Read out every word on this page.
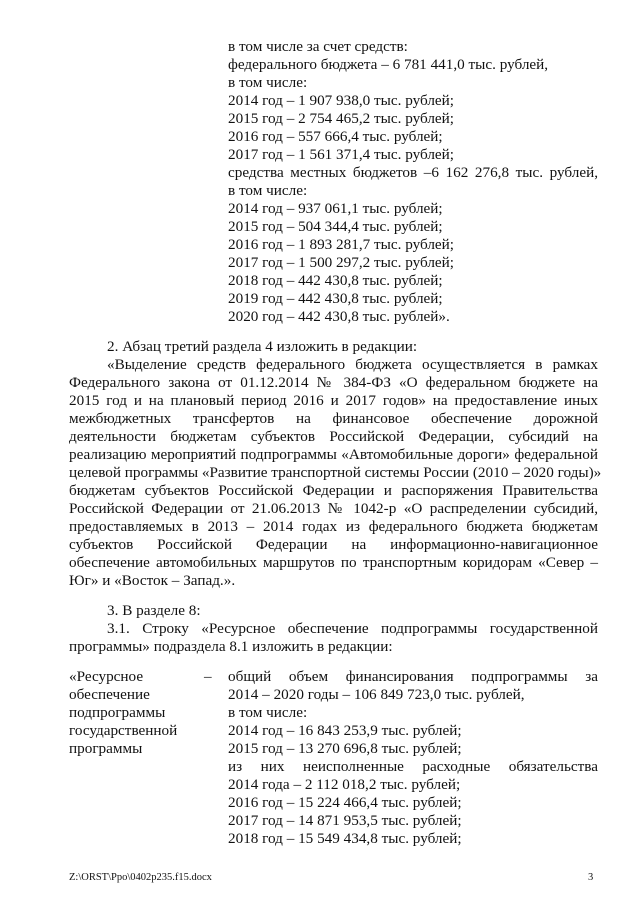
в том числе за счет средств:
федерального бюджета – 6 781 441,0 тыс. рублей,
в том числе:
2014 год – 1 907 938,0 тыс. рублей;
2015 год – 2 754 465,2 тыс. рублей;
2016 год – 557 666,4 тыс. рублей;
2017 год – 1 561 371,4 тыс. рублей;
средства местных бюджетов –6 162 276,8 тыс. рублей,
в том числе:
2014 год – 937 061,1 тыс. рублей;
2015 год – 504 344,4 тыс. рублей;
2016 год – 1 893 281,7 тыс. рублей;
2017 год – 1 500 297,2 тыс. рублей;
2018 год – 442 430,8 тыс. рублей;
2019 год – 442 430,8 тыс. рублей;
2020 год – 442 430,8 тыс. рублей».
2. Абзац третий раздела 4 изложить в редакции:
«Выделение средств федерального бюджета осуществляется в рамках
Федерального закона от 01.12.2014 № 384-ФЗ «О федеральном бюджете на
2015 год и на плановый период 2016 и 2017 годов» на предоставление иных
межбюджетных трансфертов на финансовое обеспечение дорожной
деятельности бюджетам субъектов Российской Федерации, субсидий на
реализацию мероприятий подпрограммы «Автомобильные дороги» федеральной
целевой программы «Развитие транспортной системы России (2010 – 2020 годы)»
бюджетам субъектов Российской Федерации и распоряжения Правительства
Российской Федерации от 21.06.2013 № 1042-р «О распределении субсидий,
предоставляемых в 2013 – 2014 годах из федерального бюджета бюджетам
субъектов Российской Федерации на информационно-навигационное
обеспечение автомобильных маршрутов по транспортным коридорам «Север –
Юг» и «Восток – Запад.».
3. В разделе 8:
3.1. Строку «Ресурсное обеспечение подпрограммы государственной
программы» подраздела 8.1 изложить в редакции:
«Ресурсное
обеспечение
подпрограммы
государственной
программы
– общий объем финансирования подпрограммы за
2014 – 2020 годы – 106 849 723,0 тыс. рублей,
в том числе:
2014 год – 16 843 253,9 тыс. рублей;
2015 год – 13 270 696,8 тыс. рублей;
из них неисполненные расходные обязательства
2014 года – 2 112 018,2 тыс. рублей;
2016 год – 15 224 466,4 тыс. рублей;
2017 год – 14 871 953,5 тыс. рублей;
2018 год – 15 549 434,8 тыс. рублей;
Z:\ORST\Ppo\0402p235.f15.docx	3
